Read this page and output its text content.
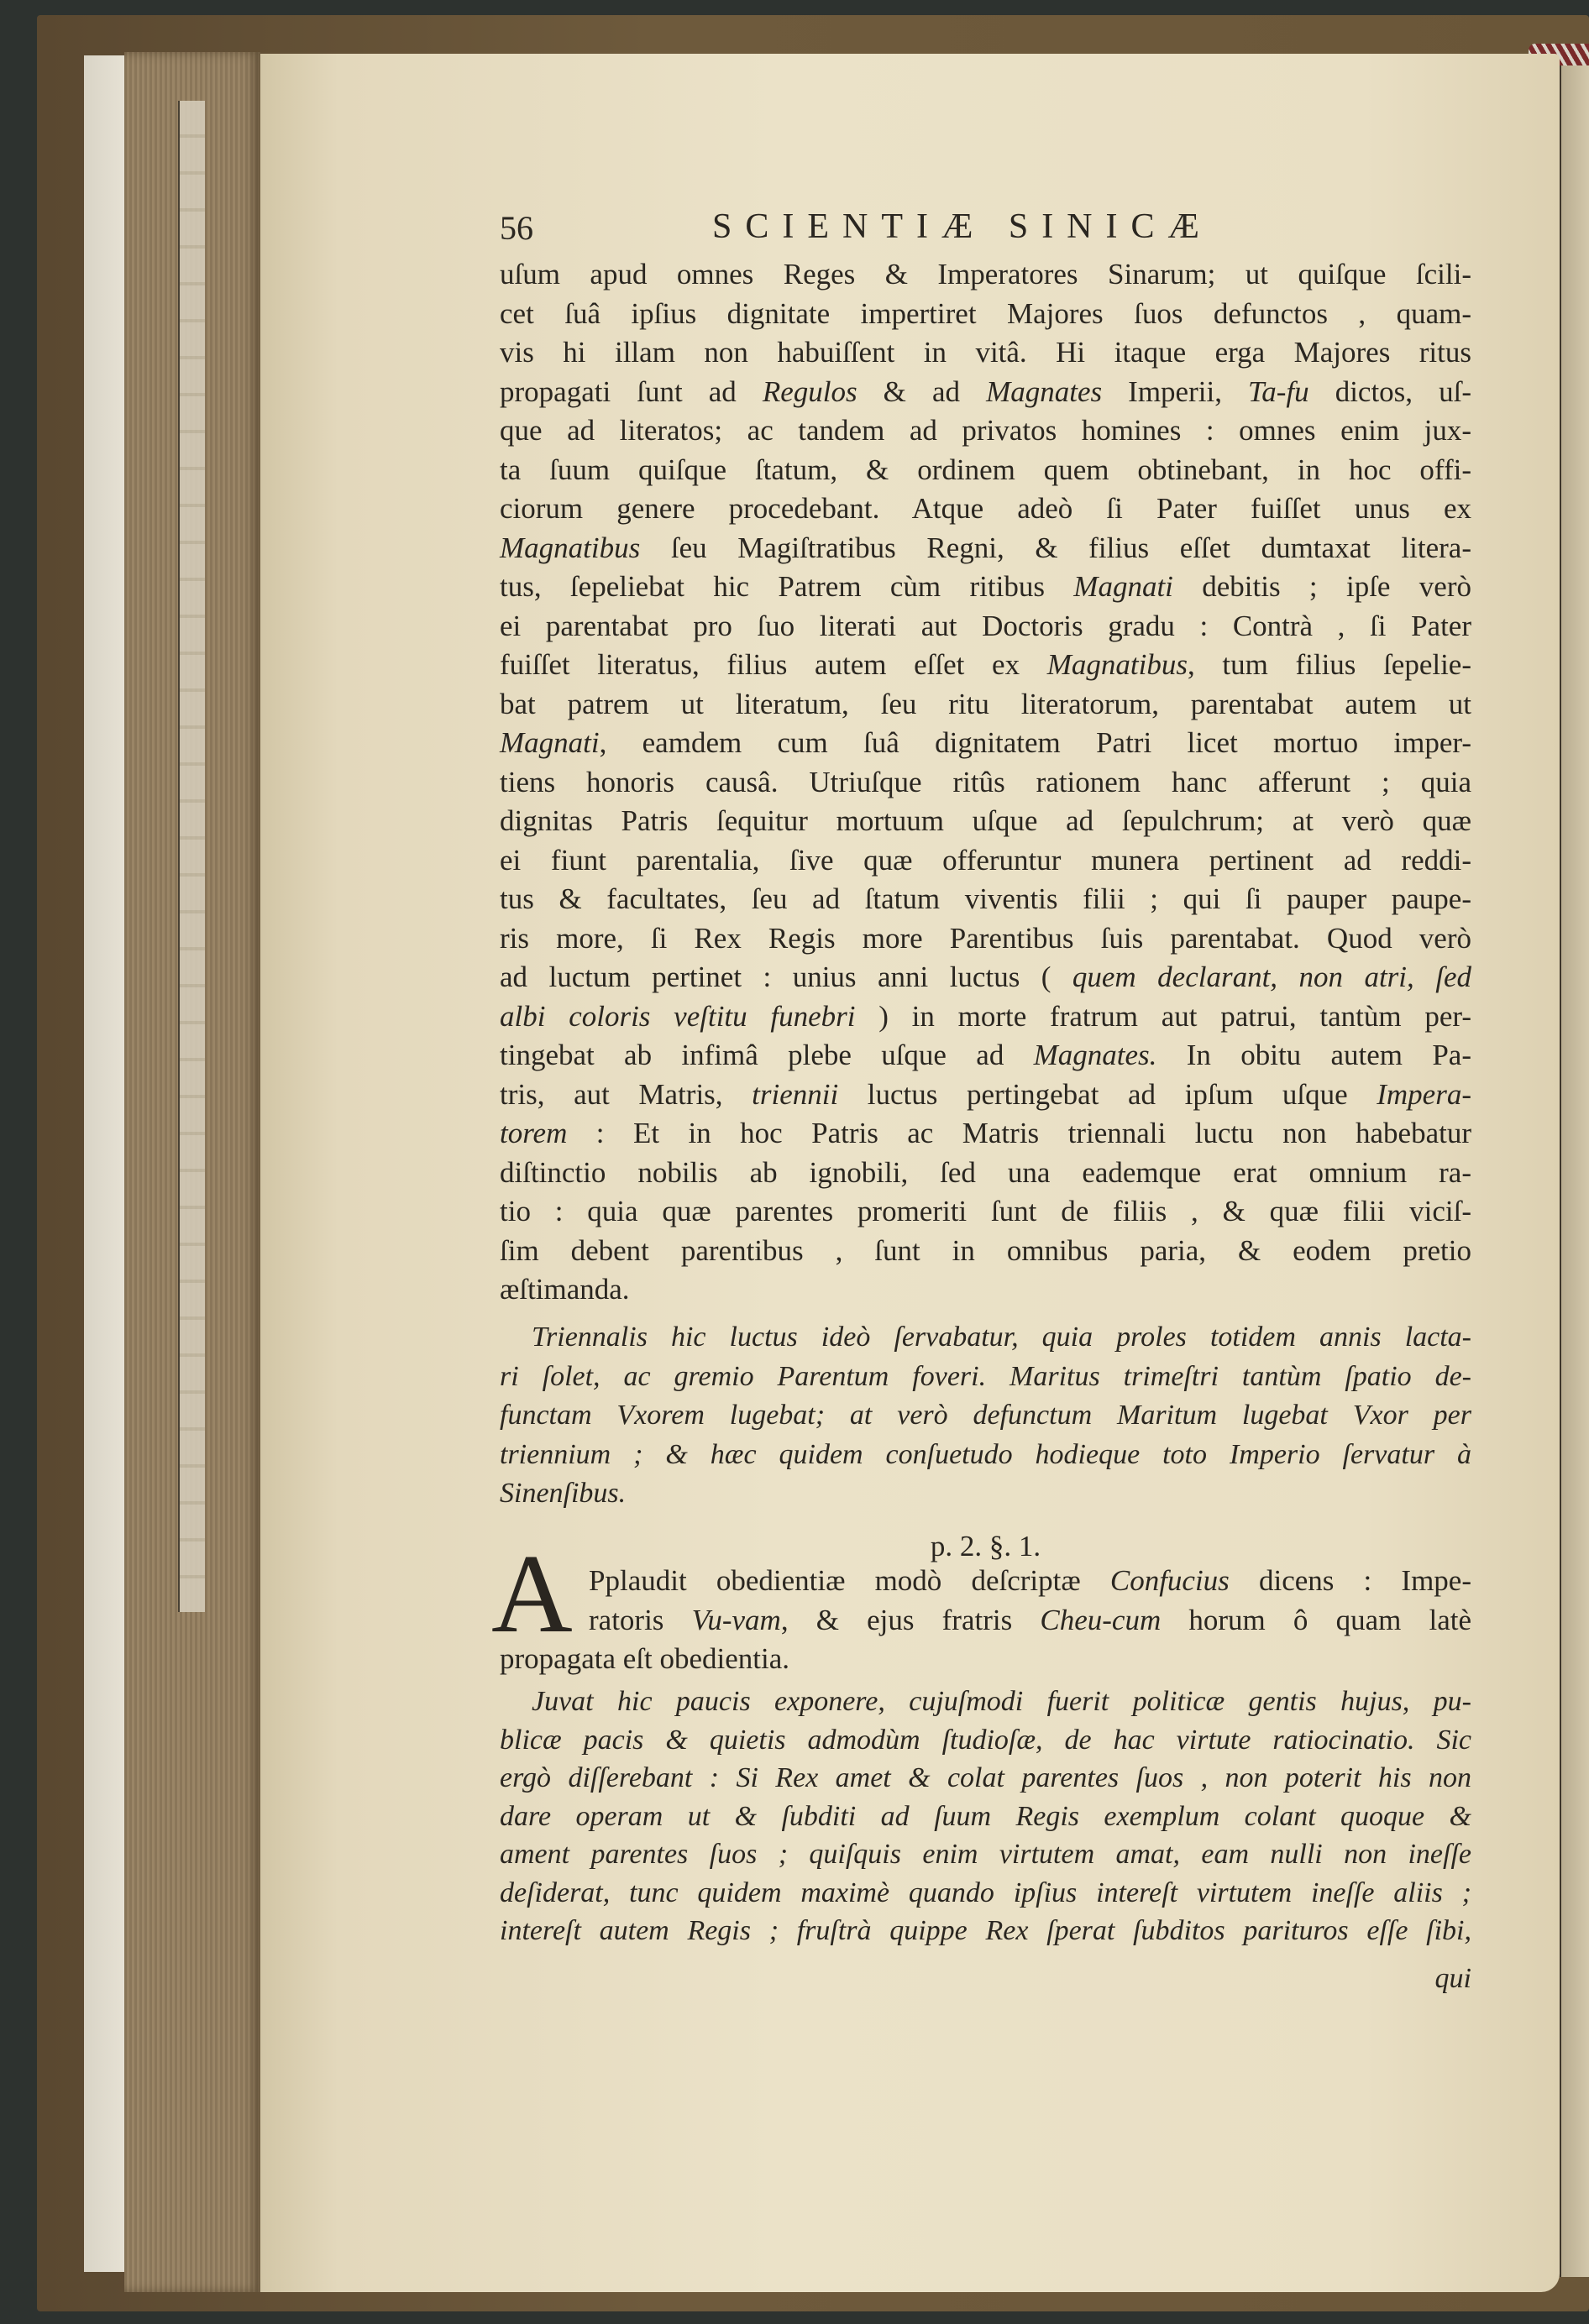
56	SCIENTIÆ SINICÆ
uſum apud omnes Reges & Imperatores Sinarum; ut quiſque ſcili-
cet ſuâ ipſius dignitate impertiret Majores ſuos defunctos , quam-
vis hi illam non habuiſſent in vitâ. Hi itaque erga Majores ritus
propagati ſunt ad Regulos & ad Magnates Imperii, Ta-fu dictos, uſ-
que ad literatos; ac tandem ad privatos homines : omnes enim jux-
ta ſuum quiſque ſtatum, & ordinem quem obtinebant, in hoc offi-
ciorum genere procedebant. Atque adeò ſi Pater fuiſſet unus ex
Magnatibus ſeu Magiſtratibus Regni, & filius eſſet dumtaxat litera-
tus, ſepeliebat hic Patrem cùm ritibus Magnati debitis ; ipſe verò
ei parentabat pro ſuo literati aut Doctoris gradu : Contrà , ſi Pater
fuiſſet literatus, filius autem eſſet ex Magnatibus, tum filius ſepelie-
bat patrem ut literatum, ſeu ritu literatorum, parentabat autem ut
Magnati, eamdem cum ſuâ dignitatem Patri licet mortuo imper-
tiens honoris causâ. Utriuſque ritûs rationem hanc afferunt ; quia
dignitas Patris ſequitur mortuum uſque ad ſepulchrum; at verò quæ
ei fiunt parentalia, ſive quæ offeruntur munera pertinent ad reddi-
tus & facultates, ſeu ad ſtatum viventis filii ; qui ſi pauper paupe-
ris more, ſi Rex Regis more Parentibus ſuis parentabat. Quod verò
ad luctum pertinet : unius anni luctus ( quem declarant, non atri, ſed
albi coloris veſtitu funebri ) in morte fratrum aut patrui, tantùm per-
tingebat ab infimâ plebe uſque ad Magnates. In obitu autem Pa-
tris, aut Matris, triennii luctus pertingebat ad ipſum uſque Impera-
torem : Et in hoc Patris ac Matris triennali luctu non habebatur
diſtinctio nobilis ab ignobili, ſed una eademque erat omnium ra-
tio : quia quæ parentes promeriti ſunt de filiis , & quæ filii viciſ-
ſim debent parentibus , ſunt in omnibus paria, & eodem pretio
æſtimanda.
Triennalis hic luctus ideò ſervabatur, quia proles totidem annis lacta-
ri ſolet, ac gremio Parentum foveri. Maritus trimeſtri tantùm ſpatio de-
functam Vxorem lugebat; at verò defunctum Maritum lugebat Vxor per
triennium ; & hæc quidem conſuetudo hodieque toto Imperio ſervatur à
Sinenſibus.
p. 2. §. 1.
A Pplaudit obedientiæ modò deſcriptæ Confucius dicens : Impe-
ratoris Vu-vam, & ejus fratris Cheu-cum horum ô quam latè
propagata eſt obedientia.
Juvat hic paucis exponere, cujuſmodi fuerit politicæ gentis hujus, pu-
blicæ pacis & quietis admodùm ſtudioſæ, de hac virtute ratiocinatio. Sic
ergò diſſerebant : Si Rex amet & colat parentes ſuos , non poterit his non
dare operam ut & ſubditi ad ſuum Regis exemplum colant quoque &
ament parentes ſuos ; quiſquis enim virtutem amat, eam nulli non ineſſe
deſiderat, tunc quidem maximè quando ipſius intereſt virtutem ineſſe aliis ;
intereſt autem Regis ; fruſtrà quippe Rex ſperat ſubditos parituros eſſe ſibi,
qui
